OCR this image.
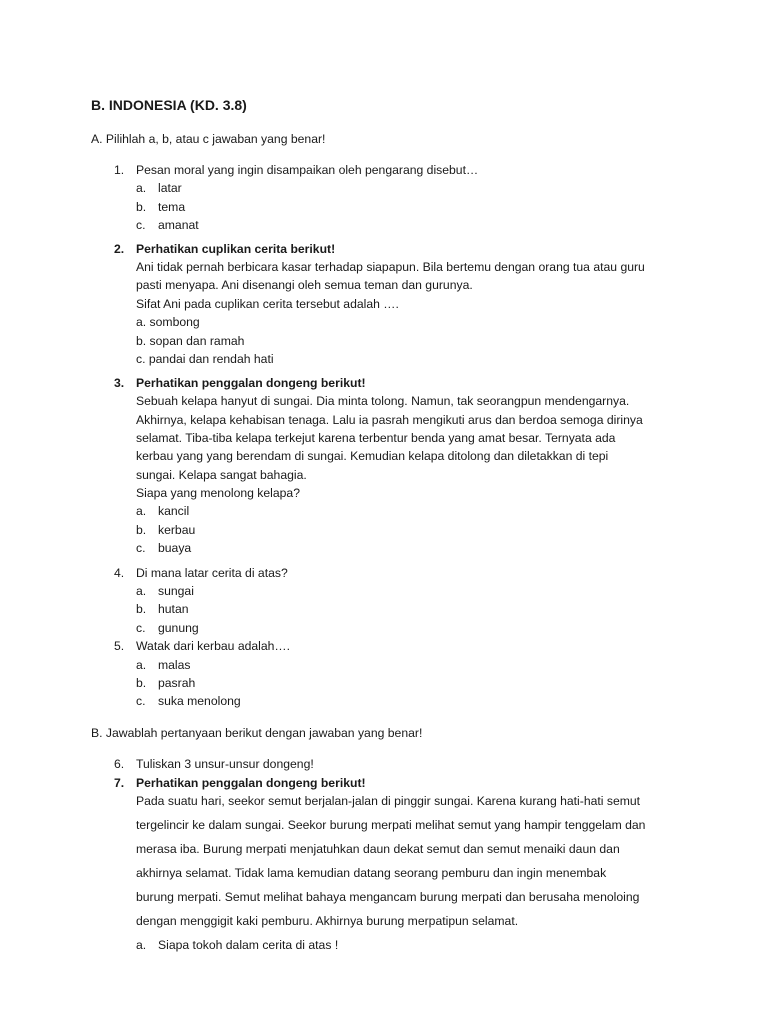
B. INDONESIA (KD. 3.8)
A. Pilihlah a, b, atau c jawaban yang benar!
1. Pesan moral yang ingin disampaikan oleh pengarang disebut…
a. latar
b. tema
c. amanat
2. Perhatikan cuplikan cerita berikut!
Ani tidak pernah berbicara kasar terhadap siapapun. Bila bertemu dengan orang tua atau guru
pasti menyapa. Ani disenangi oleh semua teman dan gurunya.
Sifat Ani pada cuplikan cerita tersebut adalah ….
a. sombong
b. sopan dan ramah
c. pandai dan rendah hati
3. Perhatikan penggalan dongeng berikut!
Sebuah kelapa hanyut di sungai. Dia minta tolong. Namun, tak seorangpun mendengarnya.
Akhirnya, kelapa kehabisan tenaga. Lalu ia pasrah mengikuti arus dan berdoa semoga dirinya
selamat. Tiba-tiba kelapa terkejut karena terbentur benda yang amat besar. Ternyata ada
kerbau yang yang berendam di sungai. Kemudian kelapa ditolong dan diletakkan di tepi
sungai. Kelapa sangat bahagia.
Siapa yang menolong kelapa?
a. kancil
b. kerbau
c. buaya
4. Di mana latar cerita di atas?
a. sungai
b. hutan
c. gunung
5. Watak dari kerbau adalah….
a. malas
b. pasrah
c. suka menolong
B. Jawablah pertanyaan berikut dengan jawaban yang benar!
6. Tuliskan 3 unsur-unsur dongeng!
7. Perhatikan penggalan dongeng berikut!
Pada suatu hari, seekor semut berjalan-jalan di pinggir sungai. Karena kurang hati-hati semut
tergelincir ke dalam sungai. Seekor burung merpati melihat semut yang hampir tenggelam dan
merasa iba. Burung merpati menjatuhkan daun dekat semut dan semut menaiki daun dan
akhirnya selamat. Tidak lama kemudian datang seorang pemburu dan ingin menembak
burung merpati. Semut melihat bahaya mengancam burung merpati dan berusaha menoloing
dengan menggigit kaki pemburu. Akhirnya burung merpatipun selamat.
a. Siapa tokoh dalam cerita di atas !
